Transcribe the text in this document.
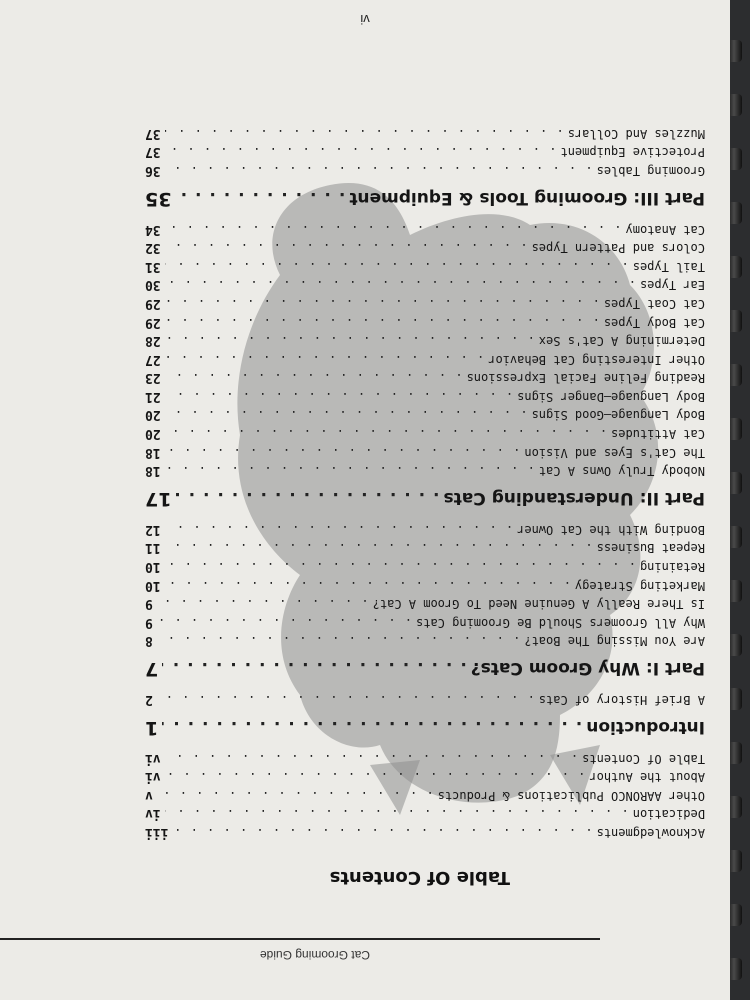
Cat Grooming Guide
Table Of Contents
Acknowledgments
. . .
iii
Dedication
. . .
iv
Other AARONCO Publications & Products
. . .
v
About the Author
. . .
vi
Table Of Contents
. . .
vi
Introduction
. . .
1
A Brief History of Cats
. . .
2
Part I: Why Groom Cats?
. . .
7
Are You Missing The Boat?
. . .
8
Why All Groomers Should Be Grooming Cats
. . .
9
Is There Really A Genuine Need To Groom A Cat?
. . .
9
Marketing Strategy
. . .
10
Retaining
. . .
10
Repeat Business
. . .
11
Bonding With the Cat Owner
. . .
12
Part II: Understanding Cats
. . .
17
Nobody Truly Owns A Cat
. . .
18
The Cat's Eyes and Vision
. . .
18
Cat Attitudes
. . .
20
Body Language—Good Signs
. . .
20
Body Language—Danger Signs
. . .
21
Reading Feline Facial Expressions
. . .
23
Other Interesting Cat Behavior
. . .
27
Determining A Cat's Sex
. . .
28
Cat Body Types
. . .
29
Cat Coat Types
. . .
29
Ear Types
. . .
30
Tail Types
. . .
31
Colors and Pattern Types
. . .
32
Cat Anatomy
. . .
34
Part III: Grooming Tools & Equipment
. . .
35
Grooming Tables
. . .
36
Protective Equipment
. . .
37
Muzzles And Collars
. . .
37
vi
